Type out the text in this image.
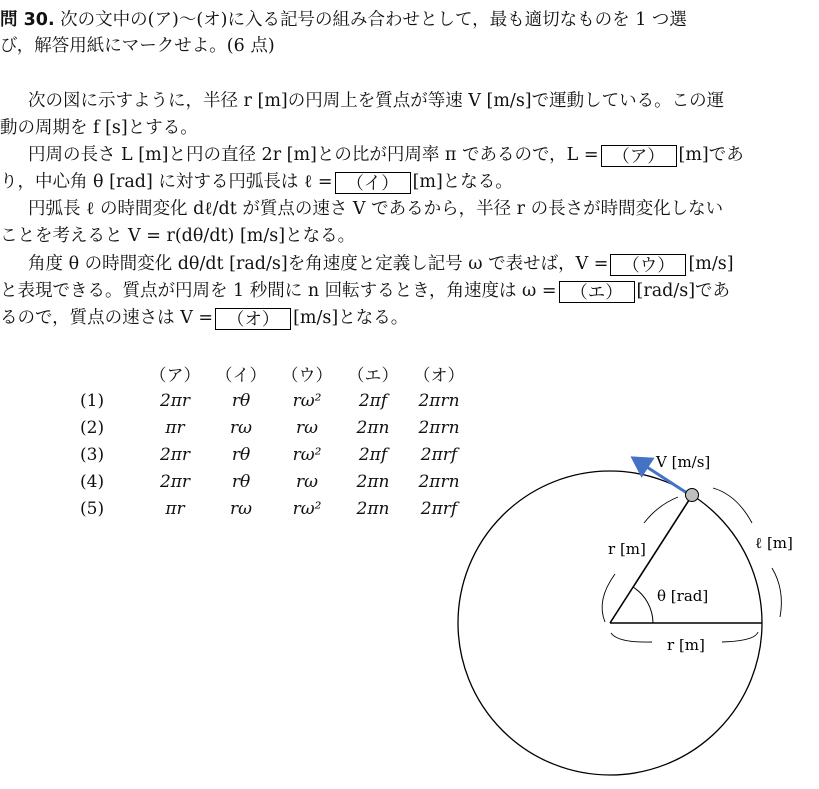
問 30. 次の文中の(ア)〜(オ)に入る記号の組み合わせとして，最も適切なものを 1 つ選
び，解答用紙にマークせよ。(6 点)
次の図に示すように，半径 r [m]の円周上を質点が等速 V [m/s]で運動している。この運
動の周期を f [s]とする。
円周の長さ L [m]と円の直径 2r [m]との比が円周率 π であるので，L = （ア） [m]であ
り，中心角 θ [rad] に対する円弧長は ℓ = （イ） [m]となる。
円弧長 ℓ の時間変化 dℓ/dt が質点の速さ V であるから，半径 r の長さが時間変化しない
ことを考えると V = r(dθ/dt) [m/s]となる。
角度 θ の時間変化 dθ/dt [rad/s]を角速度と定義し記号 ω で表せば，V = （ウ） [m/s]
と表現できる。質点が円周を 1 秒間に n 回転するとき，角速度は ω = （エ） [rad/s]であ
るので，質点の速さは V = （オ） [m/s]となる。
	（ア）	（イ）	（ウ）	（エ）	（オ）
(1)	2πr	rθ	rω²	2πf	2πrn
(2)	πr	rω	rω	2πn	2πrn
(3)	2πr	rθ	rω²	2πf	2πrf
(4)	2πr	rθ	rω	2πn	2πrn
(5)	πr	rω	rω²	2πn	2πrf
V [m/s]
r [m]	ℓ [m]
θ [rad]
r [m]
